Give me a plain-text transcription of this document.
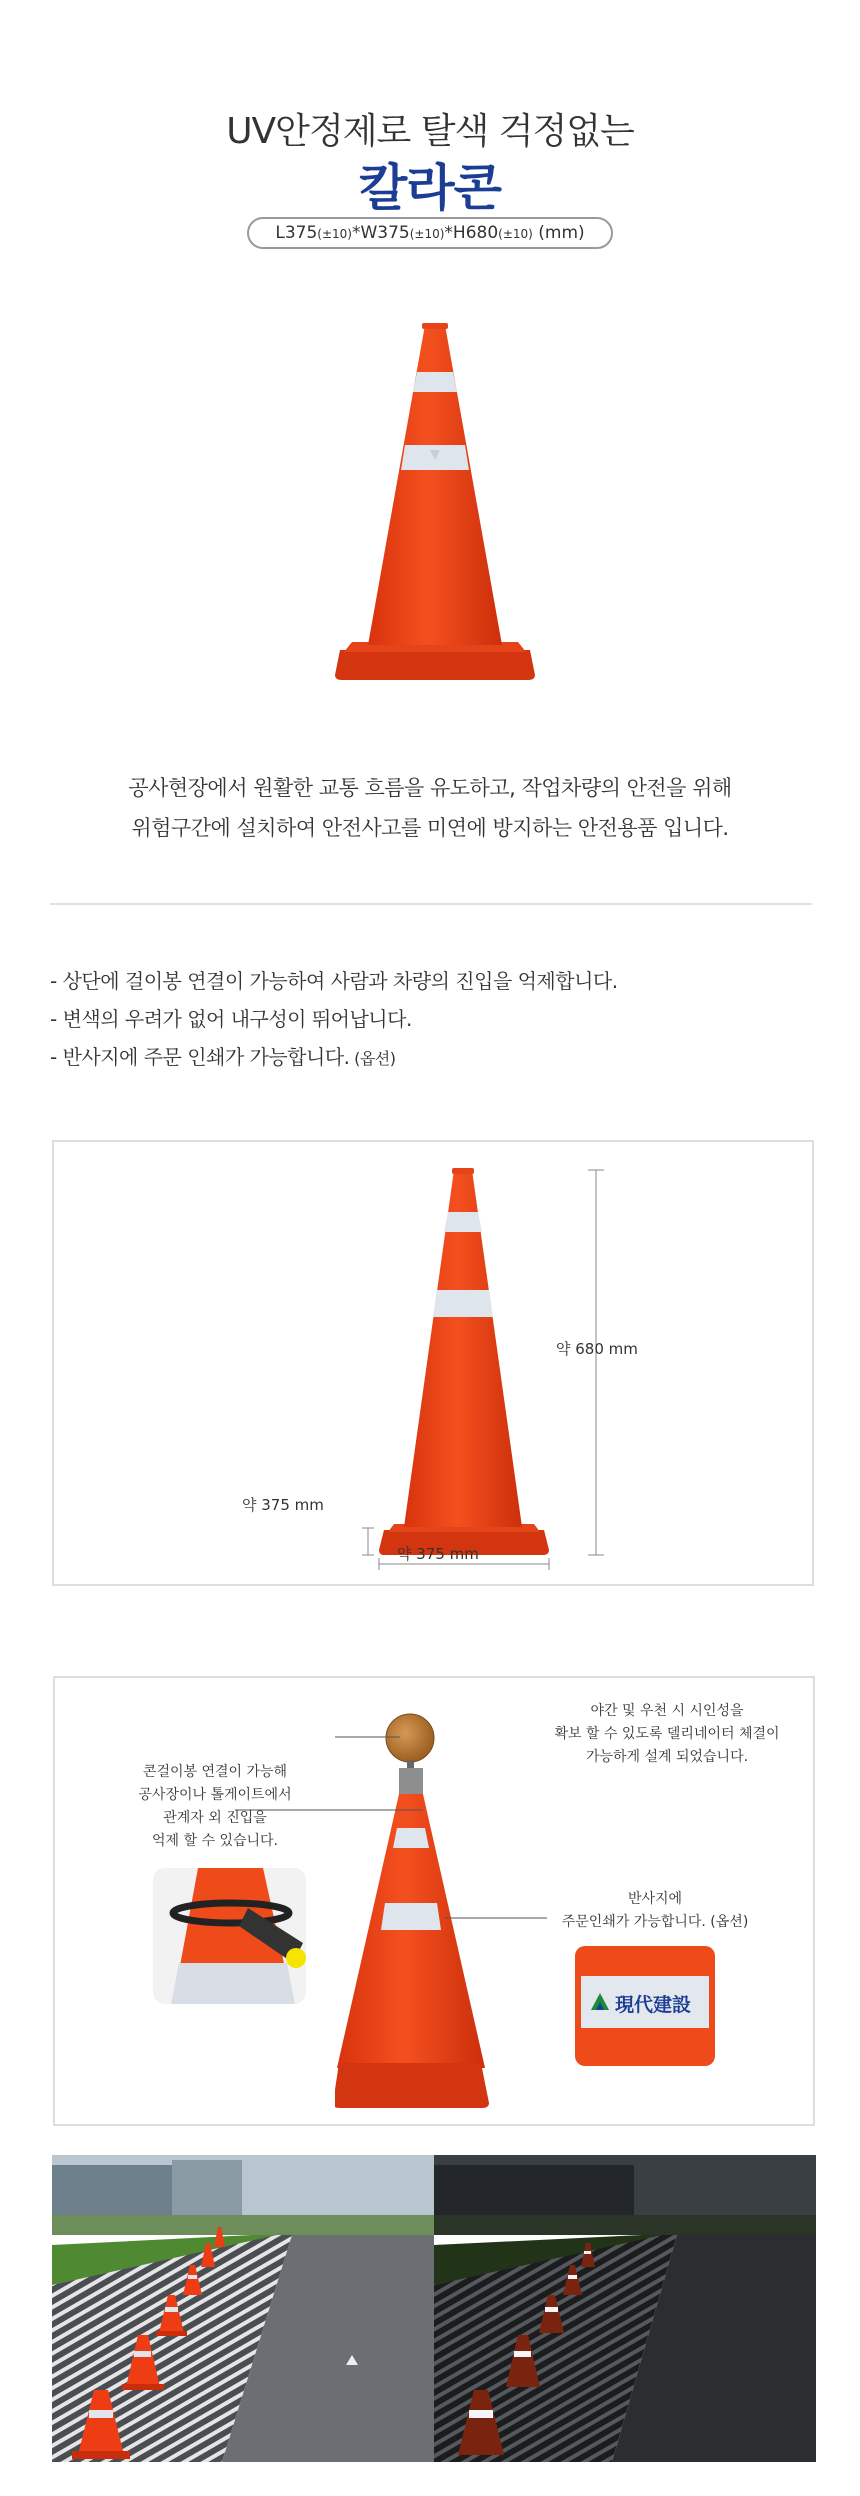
UV안정제로 탈색 걱정없는
칼라콘
L375(±10)*W375(±10)*H680(±10) (mm)
공사현장에서 원활한 교통 흐름을 유도하고, 작업차량의 안전을 위해
위험구간에 설치하여 안전사고를 미연에 방지하는 안전용품 입니다.
- 상단에 걸이봉 연결이 가능하여 사람과 차량의 진입을 억제합니다.
- 변색의 우려가 없어 내구성이 뛰어납니다.
- 반사지에 주문 인쇄가 가능합니다. (옵션)
약 680 mm
약 375 mm
약 375 mm
야간 및 우천 시 시인성을
확보 할 수 있도록 델리네이터 체결이
가능하게 설계 되었습니다.
콘걸이봉 연결이 가능해
공사장이나 톨게이트에서
관계자 외 진입을
억제 할 수 있습니다.
반사지에
주문인쇄가 가능합니다. (옵션)
現代建設
